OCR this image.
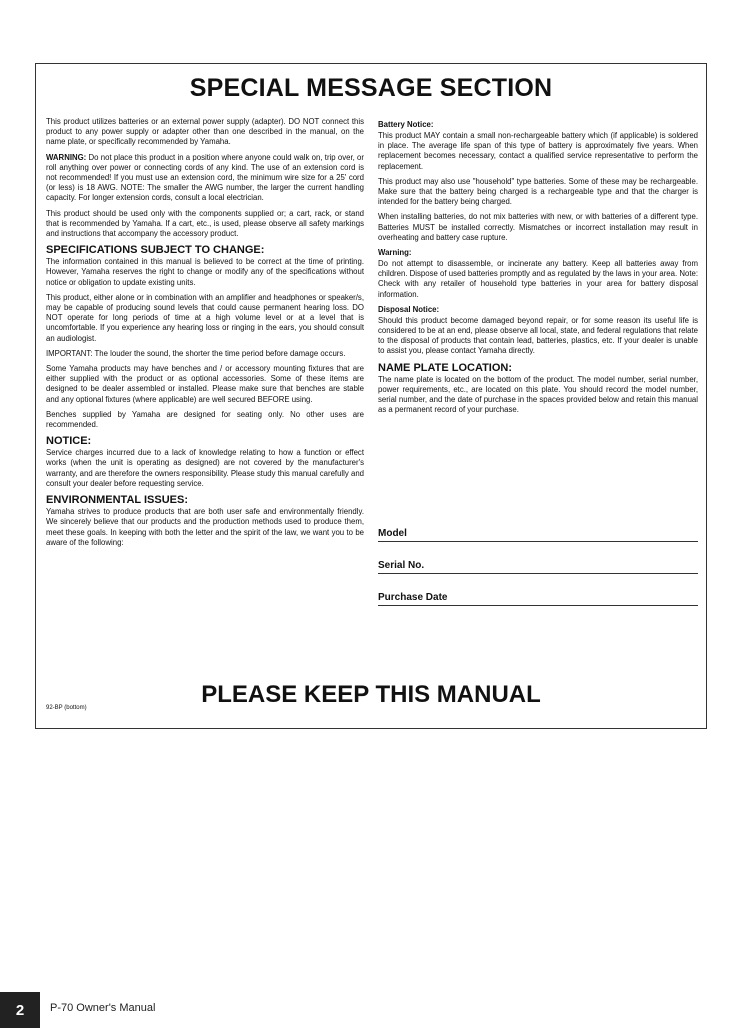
SPECIAL MESSAGE SECTION

This product utilizes batteries or an external power supply (adapter). DO NOT connect this product to any power supply or adapter other than one described in the manual, on the name plate, or specifically recommended by Yamaha.

WARNING: Do not place this product in a position where anyone could walk on, trip over, or roll anything over power or connecting cords of any kind. The use of an extension cord is not recommended! If you must use an extension cord, the minimum wire size for a 25' cord (or less) is 18 AWG. NOTE: The smaller the AWG number, the larger the current handling capacity. For longer extension cords, consult a local electrician.

This product should be used only with the components supplied or; a cart, rack, or stand that is recommended by Yamaha. If a cart, etc., is used, please observe all safety markings and instructions that accompany the accessory product.

SPECIFICATIONS SUBJECT TO CHANGE:

The information contained in this manual is believed to be correct at the time of printing. However, Yamaha reserves the right to change or modify any of the specifications without notice or obligation to update existing units.

This product, either alone or in combination with an amplifier and headphones or speaker/s, may be capable of producing sound levels that could cause permanent hearing loss. DO NOT operate for long periods of time at a high volume level or at a level that is uncomfortable. If you experience any hearing loss or ringing in the ears, you should consult an audiologist.

IMPORTANT: The louder the sound, the shorter the time period before damage occurs.

Some Yamaha products may have benches and / or accessory mounting fixtures that are either supplied with the product or as optional accessories. Some of these items are designed to be dealer assembled or installed. Please make sure that benches are stable and any optional fixtures (where applicable) are well secured BEFORE using.

Benches supplied by Yamaha are designed for seating only. No other uses are recommended.

NOTICE:

Service charges incurred due to a lack of knowledge relating to how a function or effect works (when the unit is operating as designed) are not covered by the manufacturer's warranty, and are therefore the owners responsibility. Please study this manual carefully and consult your dealer before requesting service.

ENVIRONMENTAL ISSUES:

Yamaha strives to produce products that are both user safe and environmentally friendly. We sincerely believe that our products and the production methods used to produce them, meet these goals. In keeping with both the letter and the spirit of the law, we want you to be aware of the following:

Battery Notice:

This product MAY contain a small non-rechargeable battery which (if applicable) is soldered in place. The average life span of this type of battery is approximately five years. When replacement becomes necessary, contact a qualified service representative to perform the replacement.

This product may also use "household" type batteries. Some of these may be rechargeable. Make sure that the battery being charged is a rechargeable type and that the charger is intended for the battery being charged.

When installing batteries, do not mix batteries with new, or with batteries of a different type. Batteries MUST be installed correctly. Mismatches or incorrect installation may result in overheating and battery case rupture.

Warning:

Do not attempt to disassemble, or incinerate any battery. Keep all batteries away from children. Dispose of used batteries promptly and as regulated by the laws in your area. Note: Check with any retailer of household type batteries in your area for battery disposal information.

Disposal Notice:

Should this product become damaged beyond repair, or for some reason its useful life is considered to be at an end, please observe all local, state, and federal regulations that relate to the disposal of products that contain lead, batteries, plastics, etc. If your dealer is unable to assist you, please contact Yamaha directly.

NAME PLATE LOCATION:

The name plate is located on the bottom of the product. The model number, serial number, power requirements, etc., are located on this plate. You should record the model number, serial number, and the date of purchase in the spaces provided below and retain this manual as a permanent record of your purchase.

Model
Serial No.
Purchase Date
PLEASE KEEP THIS MANUAL
92-BP (bottom)
2	P-70 Owner's Manual
